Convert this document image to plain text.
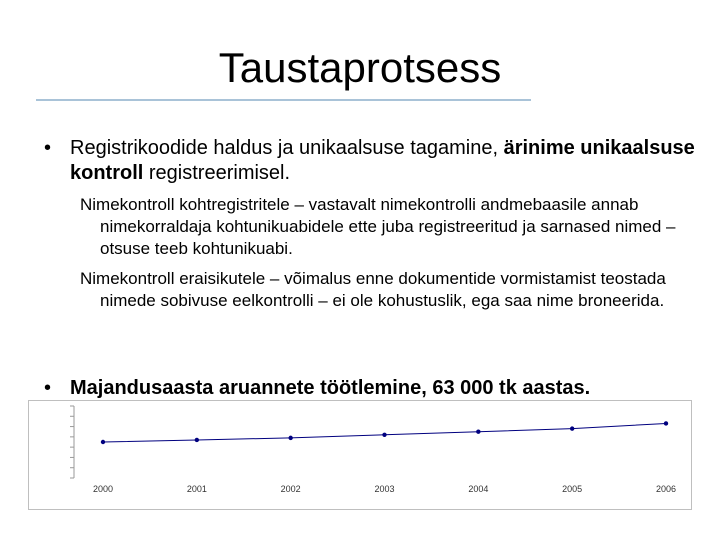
Taustaprotsess
• Registrikoodide haldus ja unikaalsuse tagamine, ärinime unikaalsuse kontroll registreerimisel.
Nimekontroll kohtregistritele – vastavalt nimekontrolli andmebaasile annab nimekorraldaja kohtunikuabidele ette juba registreeritud ja sarnased nimed – otsuse teeb kohtunikuabi.
Nimekontroll eraisikutele – võimalus enne dokumentide vormistamist teostada nimede sobivuse eelkontrolli – ei ole kohustuslik, ega saa nime broneerida.
• Majandusaasta aruannete töötlemine, 63 000 tk aastas.
2000	2001	2002	2003	2004	2005	2006
